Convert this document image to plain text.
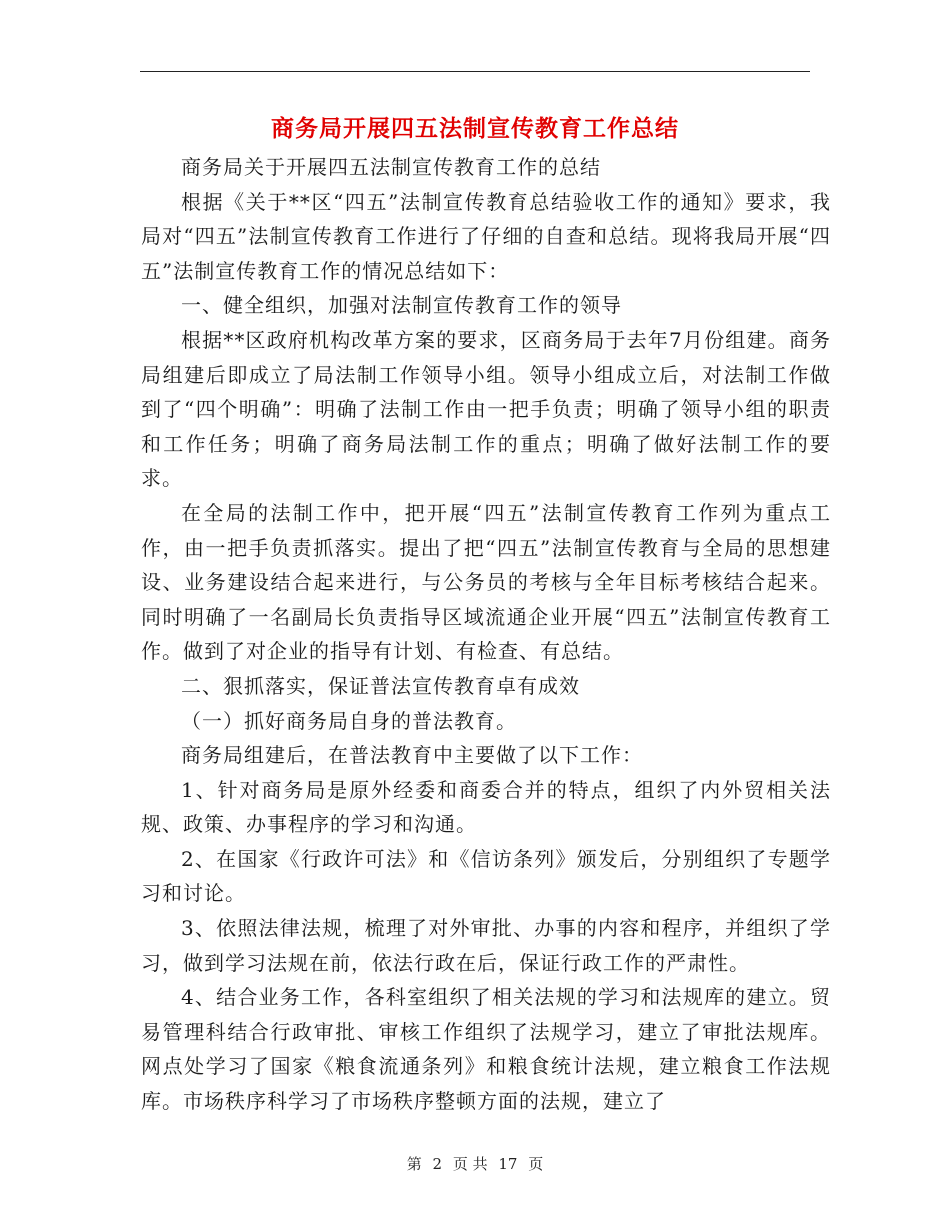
商务局开展四五法制宣传教育工作总结

商务局关于开展四五法制宣传教育工作的总结

根据《关于**区“四五”法制宣传教育总结验收工作的通知》要求，我局对“四五”法制宣传教育工作进行了仔细的自查和总结。现将我局开展“四五”法制宣传教育工作的情况总结如下：

一、健全组织，加强对法制宣传教育工作的领导

根据**区政府机构改革方案的要求，区商务局于去年7月份组建。商务局组建后即成立了局法制工作领导小组。领导小组成立后，对法制工作做到了“四个明确”：明确了法制工作由一把手负责；明确了领导小组的职责和工作任务；明确了商务局法制工作的重点；明确了做好法制工作的要求。

在全局的法制工作中，把开展“四五”法制宣传教育工作列为重点工作，由一把手负责抓落实。提出了把“四五”法制宣传教育与全局的思想建设、业务建设结合起来进行，与公务员的考核与全年目标考核结合起来。同时明确了一名副局长负责指导区域流通企业开展“四五”法制宣传教育工作。做到了对企业的指导有计划、有检查、有总结。

二、狠抓落实，保证普法宣传教育卓有成效

（一）抓好商务局自身的普法教育。

商务局组建后，在普法教育中主要做了以下工作：

1、针对商务局是原外经委和商委合并的特点，组织了内外贸相关法规、政策、办事程序的学习和沟通。

2、在国家《行政许可法》和《信访条列》颁发后，分别组织了专题学习和讨论。

3、依照法律法规，梳理了对外审批、办事的内容和程序，并组织了学习，做到学习法规在前，依法行政在后，保证行政工作的严肃性。

4、结合业务工作，各科室组织了相关法规的学习和法规库的建立。贸易管理科结合行政审批、审核工作组织了法规学习，建立了审批法规库。网点处学习了国家《粮食流通条列》和粮食统计法规，建立粮食工作法规库。市场秩序科学习了市场秩序整顿方面的法规，建立了

第 2 页 共 17 页
